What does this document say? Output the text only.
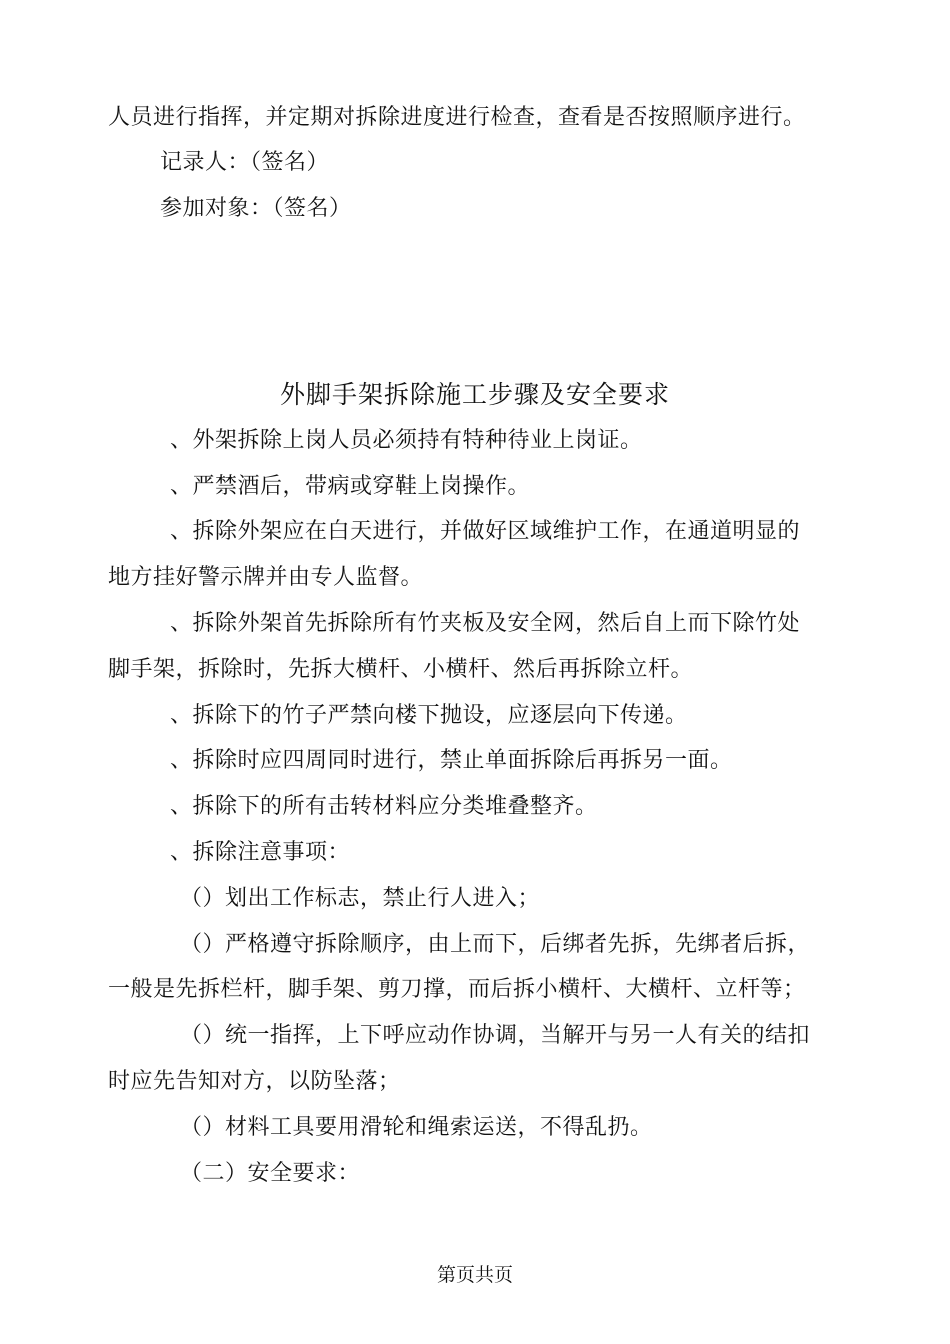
人员进行指挥，并定期对拆除进度进行检查，查看是否按照顺序进行。
记录人：（签名）
参加对象：（签名）
外脚手架拆除施工步骤及安全要求
、外架拆除上岗人员必须持有特种待业上岗证。
、严禁酒后，带病或穿鞋上岗操作。
、拆除外架应在白天进行，并做好区域维护工作，在通道明显的
地方挂好警示牌并由专人监督。
、拆除外架首先拆除所有竹夹板及安全网，然后自上而下除竹处
脚手架，拆除时，先拆大横杆、小横杆、然后再拆除立杆。
、拆除下的竹子严禁向楼下抛设，应逐层向下传递。
、拆除时应四周同时进行，禁止单面拆除后再拆另一面。
、拆除下的所有击转材料应分类堆叠整齐。
、拆除注意事项：
（）划出工作标志，禁止行人进入；
（）严格遵守拆除顺序，由上而下，后绑者先拆，先绑者后拆，
一般是先拆栏杆，脚手架、剪刀撑，而后拆小横杆、大横杆、立杆等；
（）统一指挥，上下呼应动作协调，当解开与另一人有关的结扣
时应先告知对方，以防坠落；
（）材料工具要用滑轮和绳索运送，不得乱扔。
（二）安全要求：
第页共页
